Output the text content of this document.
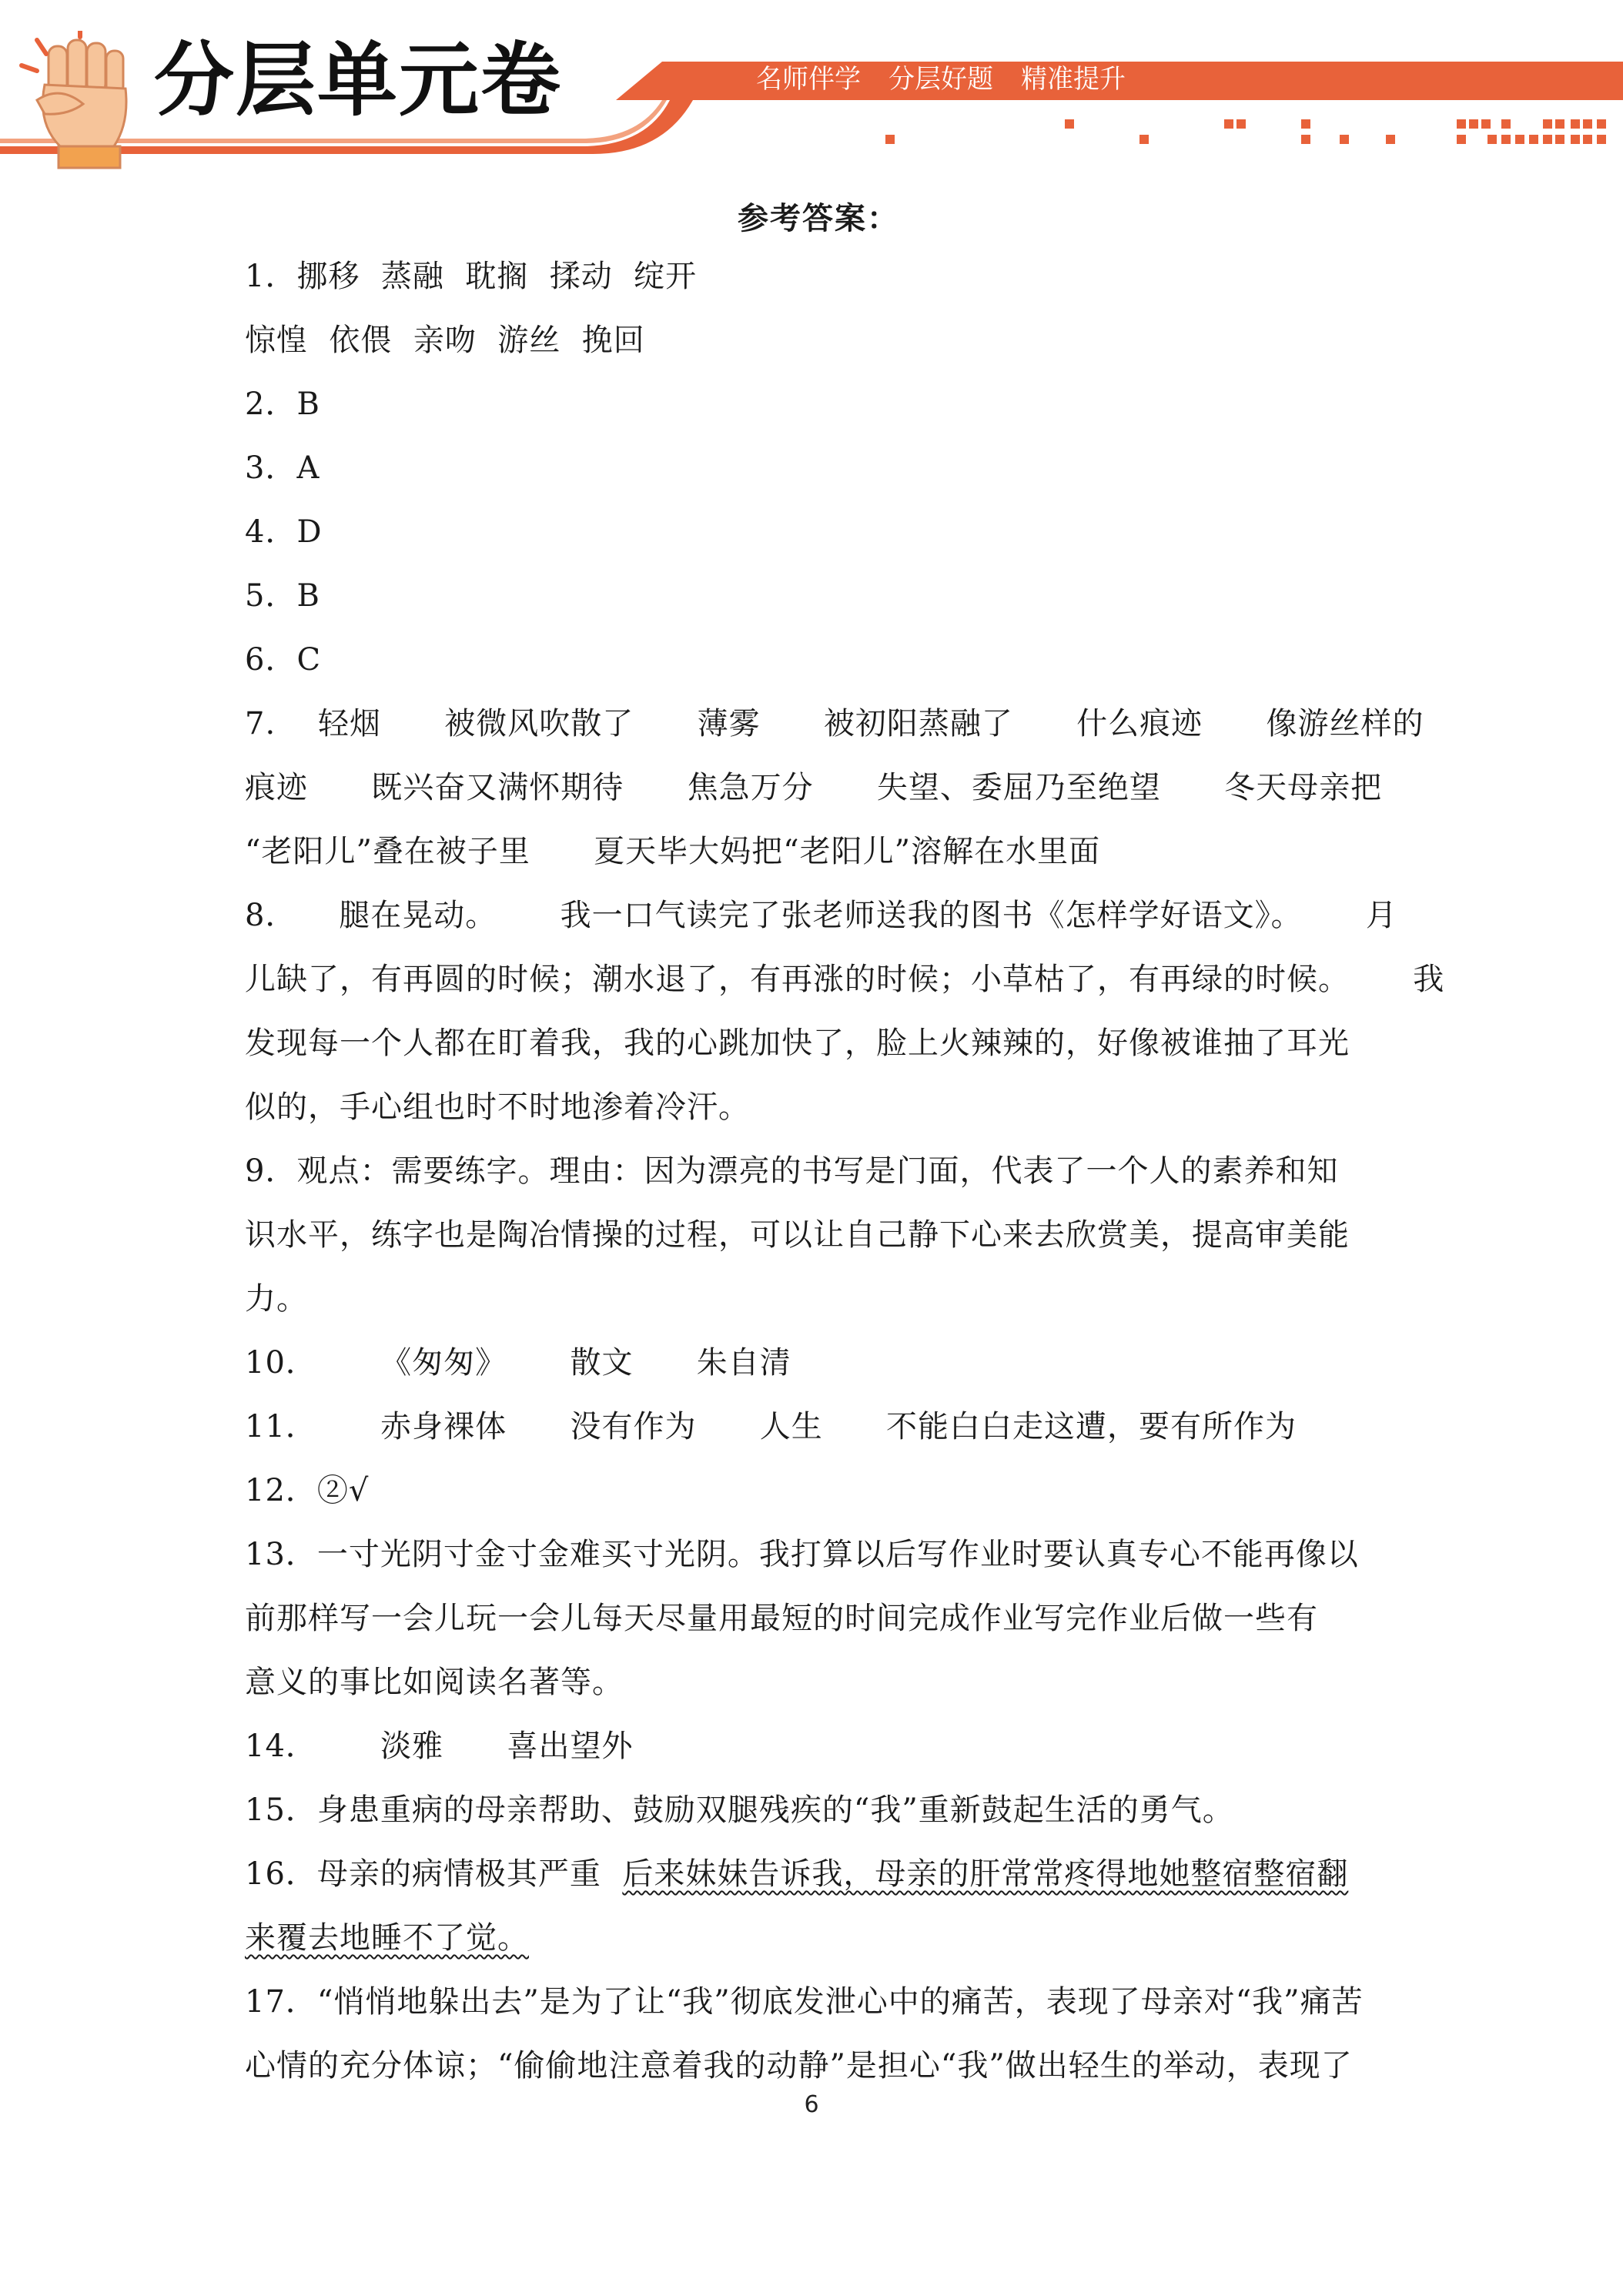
分层单元卷	名师伴学 分层好题 精准提升
参考答案：
1．挪移  蒸融  耽搁  揉动  绽开
惊惶  依偎  亲吻  游丝  挽回
2．B
3．A
4．D
5．B
6．C
7.    轻烟      被微风吹散了      薄雾      被初阳蒸融了      什么痕迹      像游丝样的
痕迹      既兴奋又满怀期待      焦急万分      失望、委屈乃至绝望      冬天母亲把
“老阳儿”叠在被子里      夏天毕大妈把“老阳儿”溶解在水里面
8．    腿在晃动。      我一口气读完了张老师送我的图书《怎样学好语文》。      月
儿缺了，有再圆的时候；潮水退了，有再涨的时候；小草枯了，有再绿的时候。      我
发现每一个人都在盯着我，我的心跳加快了，脸上火辣辣的，好像被谁抽了耳光
似的，手心组也时不时地渗着冷汗。
9．观点：需要练字。理由：因为漂亮的书写是门面，代表了一个人的素养和知
识水平，练字也是陶冶情操的过程，可以让自己静下心来去欣赏美，提高审美能
力。
10．      《匆匆》      散文      朱自清
11．      赤身裸体      没有作为      人生      不能白白走这遭，要有所作为
12．②√
13．一寸光阴寸金寸金难买寸光阴。我打算以后写作业时要认真专心不能再像以
前那样写一会儿玩一会儿每天尽量用最短的时间完成作业写完作业后做一些有
意义的事比如阅读名著等。
14．      淡雅      喜出望外
15．身患重病的母亲帮助、鼓励双腿残疾的“我”重新鼓起生活的勇气。
16．母亲的病情极其严重  后来妹妹告诉我，母亲的肝常常疼得地她整宿整宿翻
来覆去地睡不了觉。
17．“悄悄地躲出去”是为了让“我”彻底发泄心中的痛苦，表现了母亲对“我”痛苦
心情的充分体谅；“偷偷地注意着我的动静”是担心“我”做出轻生的举动，表现了
6
